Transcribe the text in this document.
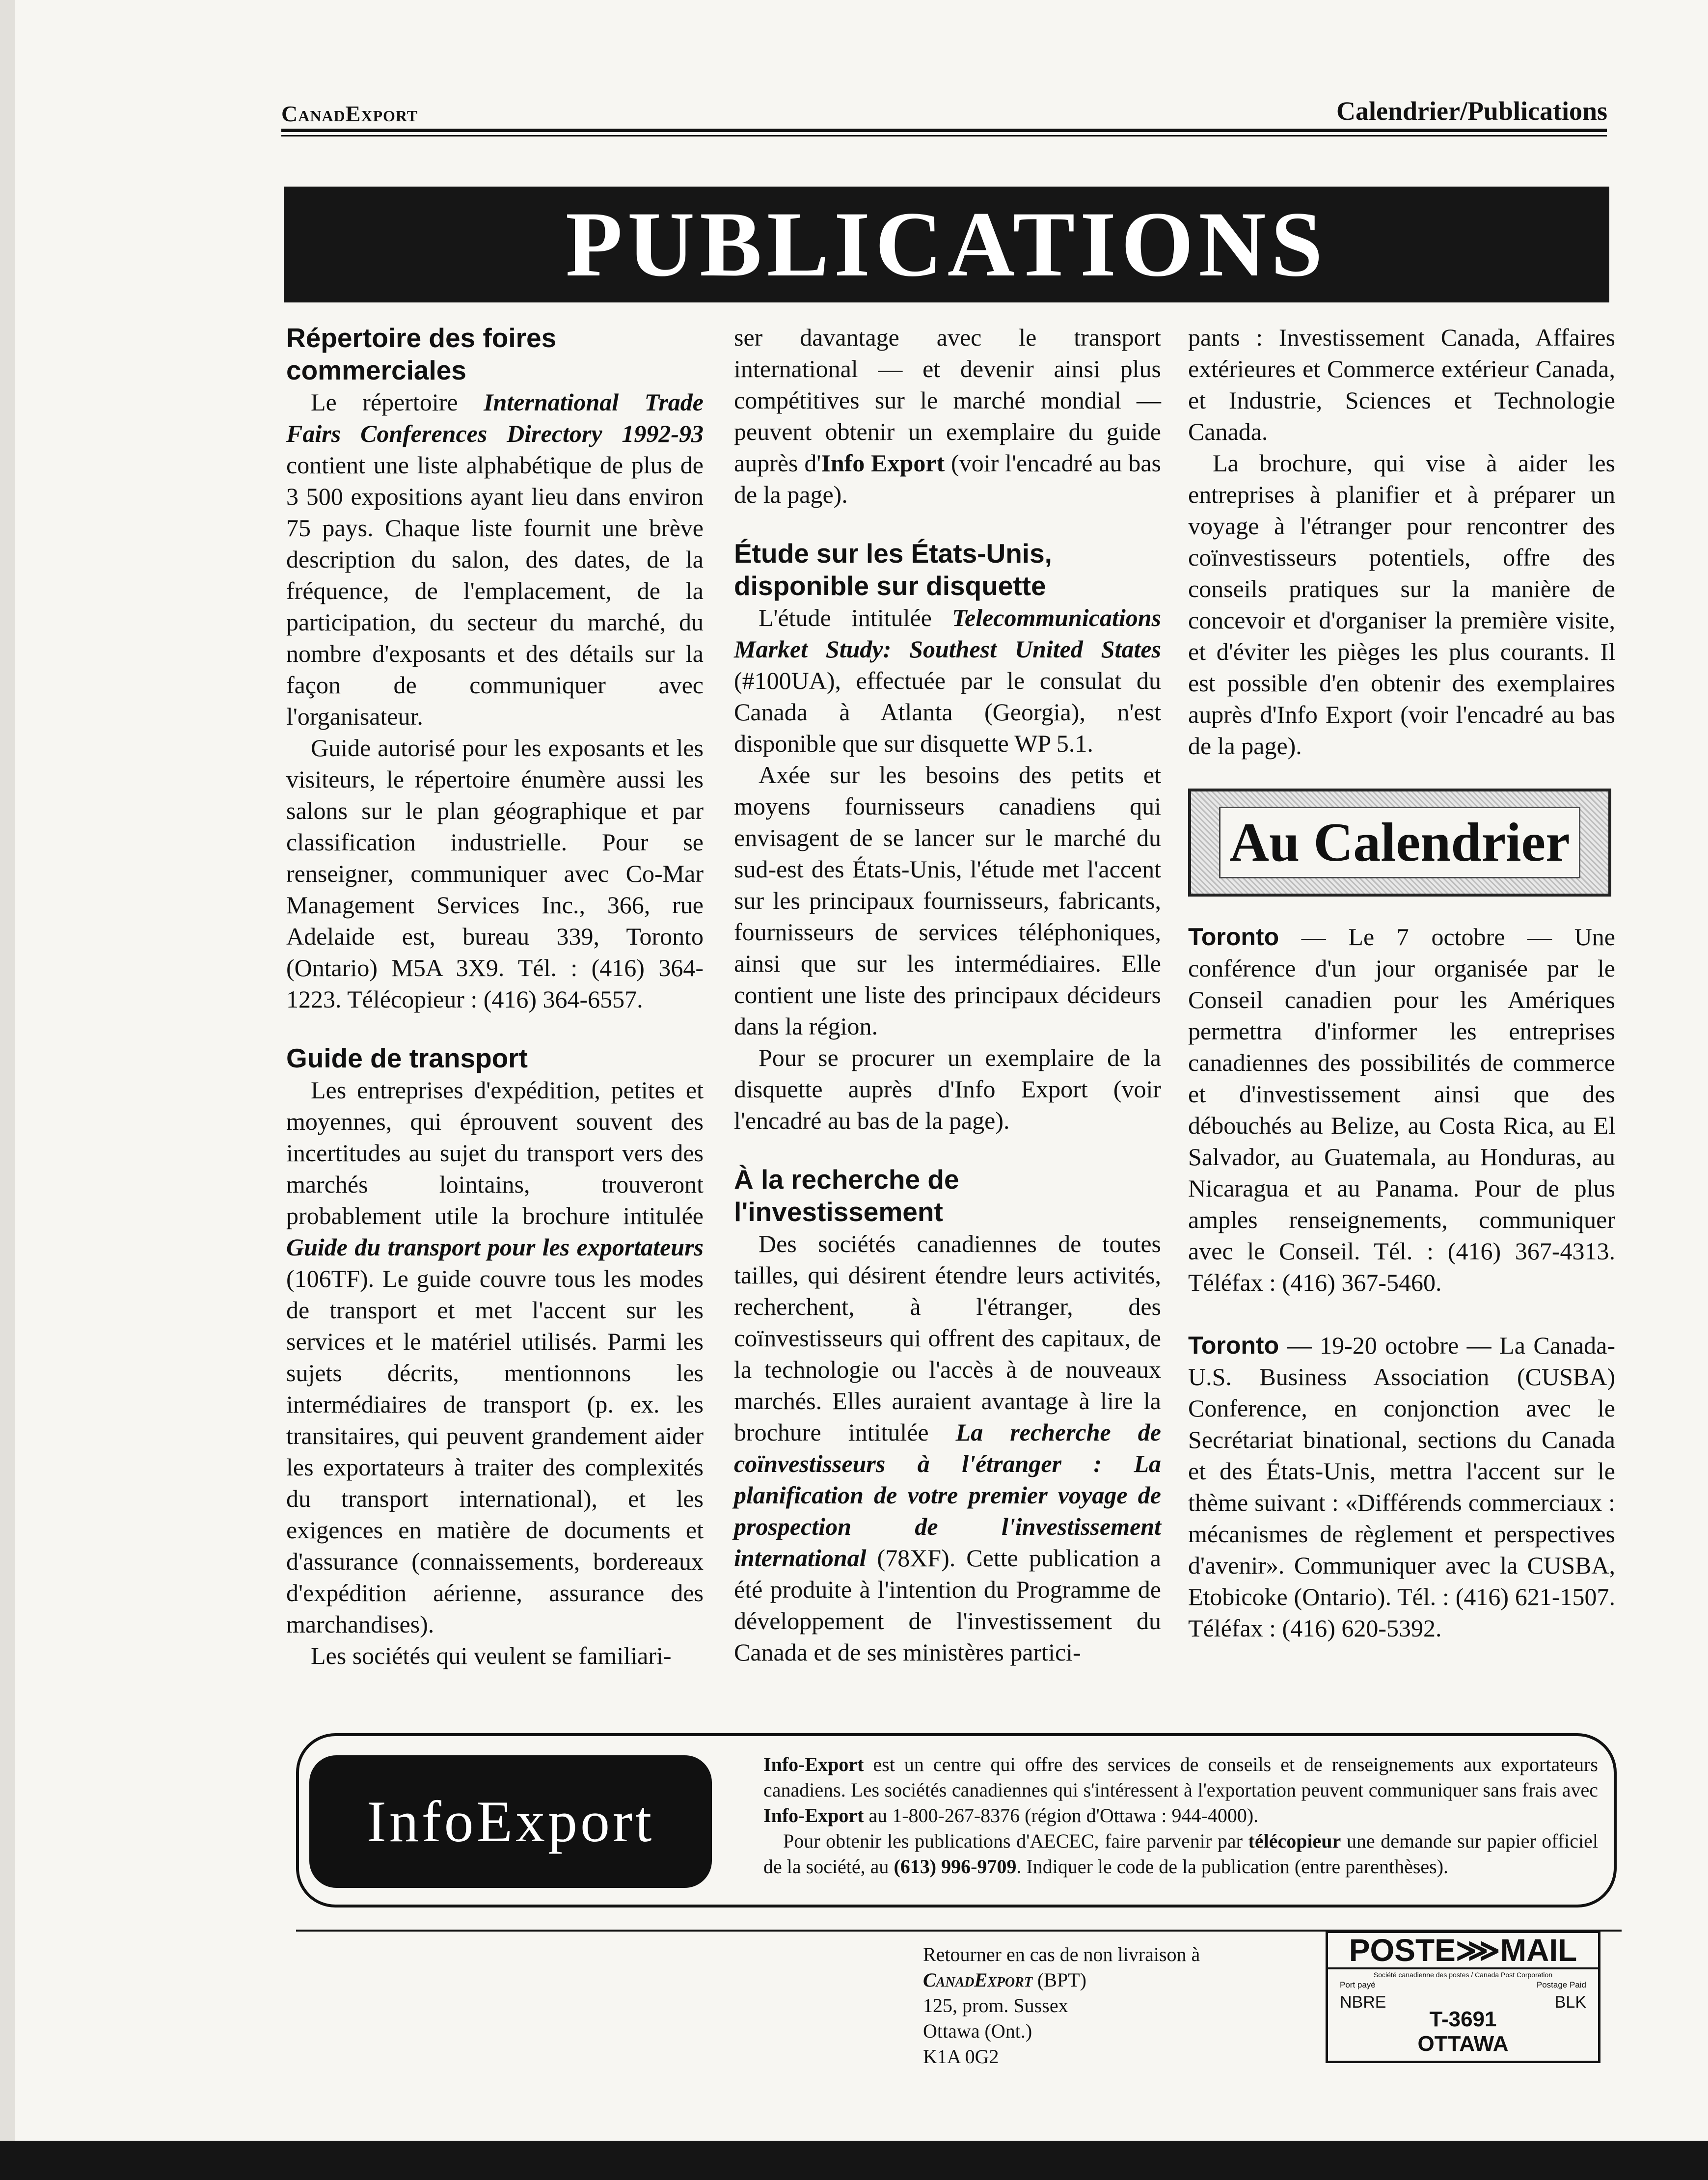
CanadExport	Calendrier/Publications
PUBLICATIONS
Répertoire des foires commerciales

Le répertoire International Trade Fairs Conferences Directory 1992-93 contient une liste alphabétique de plus de 3 500 expositions ayant lieu dans environ 75 pays. Chaque liste fournit une brève description du salon, des dates, de la fréquence, de l'emplacement, de la participation, du secteur du marché, du nombre d'exposants et des détails sur la façon de communiquer avec l'organisateur.

Guide autorisé pour les exposants et les visiteurs, le répertoire énumère aussi les salons sur le plan géographique et par classification industrielle. Pour se renseigner, communiquer avec Co-Mar Management Services Inc., 366, rue Adelaide est, bureau 339, Toronto (Ontario) M5A 3X9. Tél. : (416) 364-1223. Télécopieur : (416) 364-6557.

Guide de transport

Les entreprises d'expédition, petites et moyennes, qui éprouvent souvent des incertitudes au sujet du transport vers des marchés lointains, trouveront probablement utile la brochure intitulée Guide du transport pour les exportateurs (106TF). Le guide couvre tous les modes de transport et met l'accent sur les services et le matériel utilisés. Parmi les sujets décrits, mentionnons les intermédiaires de transport (p. ex. les transitaires, qui peuvent grandement aider les exportateurs à traiter des complexités du transport international), et les exigences en matière de documents et d'assurance (connaissements, bordereaux d'expédition aérienne, assurance des marchandises).

Les sociétés qui veulent se familiari-

ser davantage avec le transport international — et devenir ainsi plus compétitives sur le marché mondial — peuvent obtenir un exemplaire du guide auprès d'Info Export (voir l'encadré au bas de la page).

Étude sur les États-Unis, disponible sur disquette

L'étude intitulée Telecommunications Market Study: Southest United States (#100UA), effectuée par le consulat du Canada à Atlanta (Georgia), n'est disponible que sur disquette WP 5.1.

Axée sur les besoins des petits et moyens fournisseurs canadiens qui envisagent de se lancer sur le marché du sud-est des États-Unis, l'étude met l'accent sur les principaux fournisseurs, fabricants, fournisseurs de services téléphoniques, ainsi que sur les intermédiaires. Elle contient une liste des principaux décideurs dans la région.

Pour se procurer un exemplaire de la disquette auprès d'Info Export (voir l'encadré au bas de la page).

À la recherche de l'investissement

Des sociétés canadiennes de toutes tailles, qui désirent étendre leurs activités, recherchent, à l'étranger, des coïnvestisseurs qui offrent des capitaux, de la technologie ou l'accès à de nouveaux marchés. Elles auraient avantage à lire la brochure intitulée La recherche de coïnvestisseurs à l'étranger : La planification de votre premier voyage de prospection de l'investissement international (78XF). Cette publication a été produite à l'intention du Programme de développement de l'investissement du Canada et de ses ministères partici-

pants : Investissement Canada, Affaires extérieures et Commerce extérieur Canada, et Industrie, Sciences et Technologie Canada.

La brochure, qui vise à aider les entreprises à planifier et à préparer un voyage à l'étranger pour rencontrer des coïnvestisseurs potentiels, offre des conseils pratiques sur la manière de concevoir et d'organiser la première visite, et d'éviter les pièges les plus courants. Il est possible d'en obtenir des exemplaires auprès d'Info Export (voir l'encadré au bas de la page).

Au Calendrier

Toronto — Le 7 octobre — Une conférence d'un jour organisée par le Conseil canadien pour les Amériques permettra d'informer les entreprises canadiennes des possibilités de commerce et d'investissement ainsi que des débouchés au Belize, au Costa Rica, au El Salvador, au Guatemala, au Honduras, au Nicaragua et au Panama. Pour de plus amples renseignements, communiquer avec le Conseil. Tél. : (416) 367-4313. Téléfax : (416) 367-5460.

Toronto — 19-20 octobre — La Canada-U.S. Business Association (CUSBA) Conference, en conjonction avec le Secrétariat binational, sections du Canada et des États-Unis, mettra l'accent sur le thème suivant : «Différends commerciaux : mécanismes de règlement et perspectives d'avenir». Communiquer avec la CUSBA, Etobicoke (Ontario). Tél. : (416) 621-1507. Téléfax : (416) 620-5392.

InfoExport

Info-Export est un centre qui offre des services de conseils et de renseignements aux exportateurs canadiens. Les sociétés canadiennes qui s'intéressent à l'exportation peuvent communiquer sans frais avec Info-Export au 1-800-267-8376 (région d'Ottawa : 944-4000).

Pour obtenir les publications d'AECEC, faire parvenir par télécopieur une demande sur papier officiel de la société, au (613) 996-9709. Indiquer le code de la publication (entre parenthèses).

Retourner en cas de non livraison à
CanadExport (BPT)
125, prom. Sussex
Ottawa (Ont.)
K1A 0G2
POSTE⋙MAIL
Société canadienne des postes / Canada Post Corporation
Port payé	Postage Paid
NBRE	BLK
T-3691
OTTAWA
